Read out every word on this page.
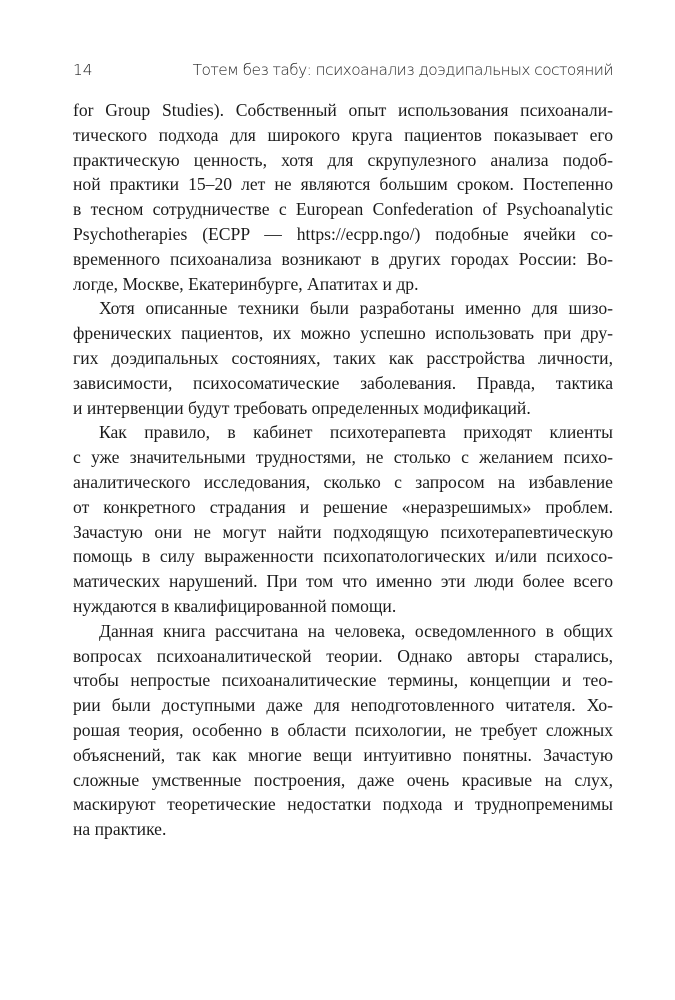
14	Тотем без табу: психоанализ доэдипальных состояний
for Group Studies). Собственный опыт использования психоанали-
тического подхода для широкого круга пациентов показывает его
практическую ценность, хотя для скрупулезного анализа подоб-
ной практики 15–20 лет не являются большим сроком. Постепенно
в тесном сотрудничестве с European Confederation of Psychoanalytic
Psychotherapies (ECPP — https://ecpp.ngo/) подобные ячейки со-
временного психоанализа возникают в других городах России: Во-
логде, Москве, Екатеринбурге, Апатитах и др.
Хотя описанные техники были разработаны именно для шизо-
френических пациентов, их можно успешно использовать при дру-
гих доэдипальных состояниях, таких как расстройства личности,
зависимости, психосоматические заболевания. Правда, тактика
и интервенции будут требовать определенных модификаций.
Как правило, в кабинет психотерапевта приходят клиенты
с уже значительными трудностями, не столько с желанием психо-
аналитического исследования, сколько с запросом на избавление
от конкретного страдания и решение «неразрешимых» проблем.
Зачастую они не могут найти подходящую психотерапевтическую
помощь в силу выраженности психопатологических и/или психосо-
матических нарушений. При том что именно эти люди более всего
нуждаются в квалифицированной помощи.
Данная книга рассчитана на человека, осведомленного в общих
вопросах психоаналитической теории. Однако авторы старались,
чтобы непростые психоаналитические термины, концепции и тео-
рии были доступными даже для неподготовленного читателя. Хо-
рошая теория, особенно в области психологии, не требует сложных
объяснений, так как многие вещи интуитивно понятны. Зачастую
сложные умственные построения, даже очень красивые на слух,
маскируют теоретические недостатки подхода и труднопременимы
на практике.
